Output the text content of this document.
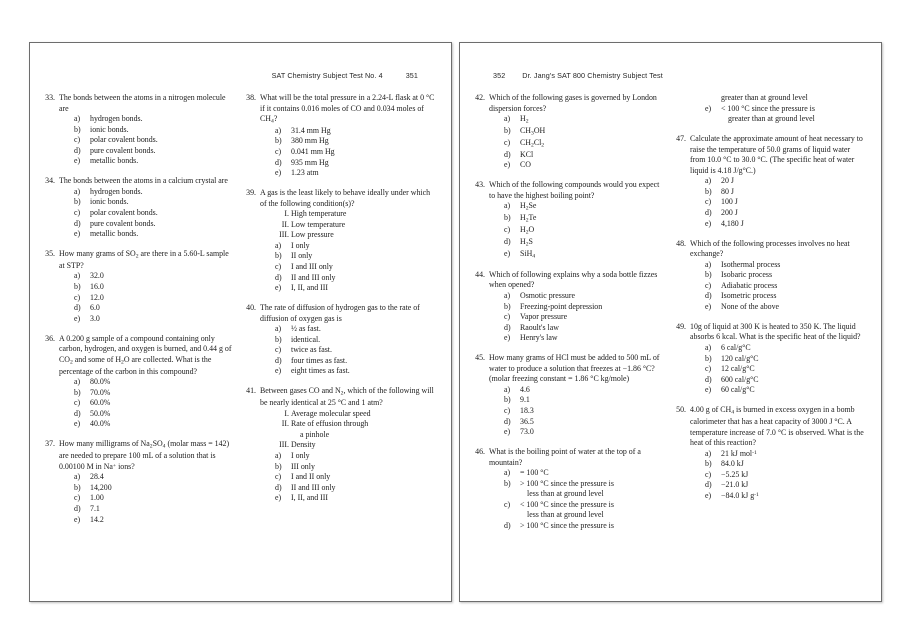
SAT Chemistry Subject Test No. 4	351
33. The bonds between the atoms in a nitrogen molecule are

a)	hydrogen bonds.
b)	ionic bonds.
c)	polar covalent bonds.
d)	pure covalent bonds.
e)	metallic bonds.
34. The bonds between the atoms in a calcium crystal are

a)	hydrogen bonds.
b)	ionic bonds.
c)	polar covalent bonds.
d)	pure covalent bonds.
e)	metallic bonds.
35. How many grams of $SO_2$ are there in a 5.60-L sample at STP?

a)	32.0
b)	16.0
c)	12.0
d)	6.0
e)	3.0
36. A 0.200 g sample of a compound containing only carbon, hydrogen, and oxygen is burned, and 0.44 g of $CO_2$ and some of $H_2O$ are collected. What is the percentage of the carbon in this compound?

a)	80.0%
b)	70.0%
c)	60.0%
d)	50.0%
e)	40.0%
37. How many milligrams of $Na_2SO_4$ (molar mass = 142) are needed to prepare 100 mL of a solution that is 0.00100 M in Na+ ions?

a)	28.4
b)	14,200
c)	1.00
d)	7.1
e)	14.2
38. What will be the total pressure in a 2.24-L flask at 0 °C if it contains 0.016 moles of CO and 0.034 moles of $CH_4$?

a)	31.4 mm Hg
b)	380 mm Hg
c)	0.041 mm Hg
d)	935 mm Hg
e)	1.23 atm
39. A gas is the least likely to behave ideally under which of the following condition(s)?

I. High temperature
II. Low temperature
III. Low pressure
a)	I only
b)	II only
c)	I and III only
d)	II and III only
e)	I, II, and III
40. The rate of diffusion of hydrogen gas to the rate of diffusion of oxygen gas is

a)	½ as fast.
b)	identical.
c)	twice as fast.
d)	four times as fast.
e)	eight times as fast.
41. Between gases CO and $N_2$, which of the following will be nearly identical at 25 °C and 1 atm?

I. Average molecular speed
II. Rate of effusion through
a pinhole
III. Density
a)	I only
b)	III only
c)	I and II only
d)	II and III only
e)	I, II, and III
352 Dr. Jang's SAT 800 Chemistry Subject Test
42. Which of the following gases is governed by London dispersion forces?

a)	$H_2$
b)	$CH_3OH$
c)	$CH_2Cl_2$
d)	KCl
e)	CO
43. Which of the following compounds would you expect to have the highest boiling point?

a)	$H_2Se$
b)	$H_2Te$
c)	$H_2O$
d)	$H_2S$
e)	SiH$_4$
44. Which of following explains why a soda bottle fizzes when opened?

a)	Osmotic pressure
b)	Freezing-point depression
c)	Vapor pressure
d)	Raoult's law
e)	Henry's law
45. How many grams of HCl must be added to 500 mL of water to produce a solution that freezes at −1.86 °C? (molar freezing constant = 1.86 °C kg/mole)

a)	4.6
b)	9.1
c)	18.3
d)	36.5
e)	73.0
46. What is the boiling point of water at the top of a mountain?

a)	= 100 °C
b)	> 100 °C since the pressure is
less than at ground level
c)	< 100 °C since the pressure is
less than at ground level
d)	> 100 °C since the pressure is
greater than at ground level
e)	< 100 °C since the pressure is
greater than at ground level
47. Calculate the approximate amount of heat necessary to raise the temperature of 50.0 grams of liquid water from 10.0 °C to 30.0 °C. (The specific heat of water liquid is 4.18 J/g°C.)

a)	20 J
b)	80 J
c)	100 J
d)	200 J
e)	4,180 J
48. Which of the following processes involves no heat exchange?

a)	Isothermal process
b)	Isobaric process
c)	Adiabatic process
d)	Isometric process
e)	None of the above
49. 10g of liquid at 300 K is heated to 350 K. The liquid absorbs 6 kcal. What is the specific heat of the liquid?

a)	6 cal/g°C
b)	120 cal/g°C
c)	12 cal/g°C
d)	600 cal/g°C
e)	60 cal/g°C
50. 4.00 g of $CH_4$ is burned in excess oxygen in a bomb calorimeter that has a heat capacity of 3000 J °C. A temperature increase of 7.0 °C is observed. What is the heat of this reaction?

a)	21 kJ mol$^{-1}$
b)	84.0 kJ
c)	−5.25 kJ
d)	−21.0 kJ
e)	−84.0 kJ $g^{-1}$
